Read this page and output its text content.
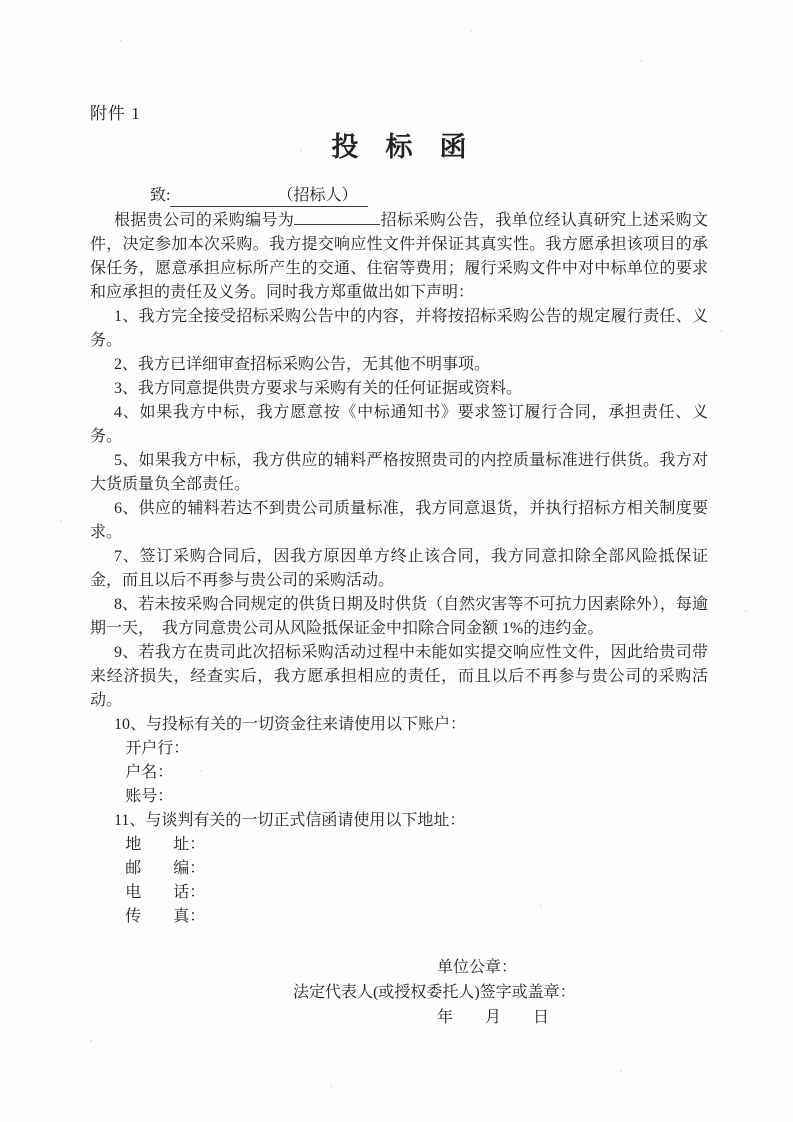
附件 1
投　标　函

致:	（招标人）

根据贵公司的采购编号为	招标采购公告，我单位经认真研究上述采购文件，决定参加本次采购。我方提交响应性文件并保证其真实性。我方愿承担该项目的承保任务，愿意承担应标所产生的交通、住宿等费用；履行采购文件中对中标单位的要求和应承担的责任及义务。同时我方郑重做出如下声明：

1、我方完全接受招标采购公告中的内容，并将按招标采购公告的规定履行责任、义务。

2、我方已详细审查招标采购公告，无其他不明事项。

3、我方同意提供贵方要求与采购有关的任何证据或资料。

4、如果我方中标，我方愿意按《中标通知书》要求签订履行合同，承担责任、义务。

5、如果我方中标，我方供应的辅料严格按照贵司的内控质量标准进行供货。我方对大货质量负全部责任。

6、供应的辅料若达不到贵公司质量标准，我方同意退货，并执行招标方相关制度要求。

7、签订采购合同后，因我方原因单方终止该合同，我方同意扣除全部风险抵保证金，而且以后不再参与贵公司的采购活动。

8、若未按采购合同规定的供货日期及时供货（自然灾害等不可抗力因素除外），每逾期一天，　我方同意贵公司从风险抵保证金中扣除合同金额 1%的违约金。

9、若我方在贵司此次招标采购活动过程中未能如实提交响应性文件，因此给贵司带来经济损失，经查实后，我方愿承担相应的责任，而且以后不再参与贵公司的采购活动。

10、与投标有关的一切资金往来请使用以下账户：

开户行：

户名：

账号：

11、与谈判有关的一切正式信函请使用以下地址：

地　　址：

邮　　编：

电　　话：

传　　真：

单位公章：

法定代表人(或授权委托人)签字或盖章：

年　　月　　日
